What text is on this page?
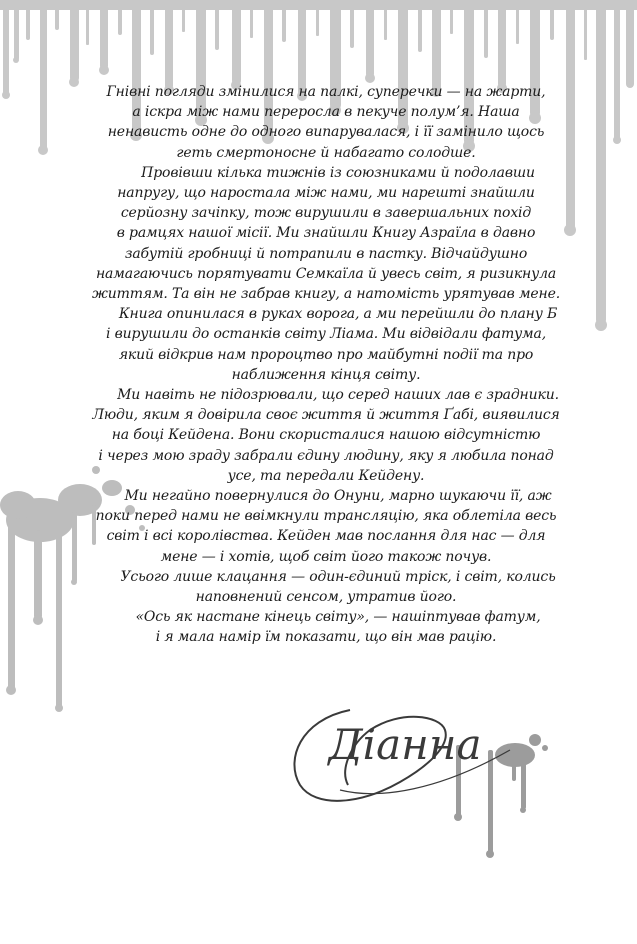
Гнівні погляди змінилися на палкі, суперечки — на жарти,
а іскра між нами переросла в пекуче полум’я. Наша
ненависть одне до одного випарувалася, і її замінило щось
геть смертоносне й набагато солодше.
Провівши кілька тижнів із союзниками й подолавши
напругу, що наростала між нами, ми нарешті знайшли
серйозну зачіпку, тож вирушили в завершальних похід
в рамцях нашої місії. Ми знайшли Книгу Азраїла в давно
забутій гробниці й потрапили в пастку. Відчайдушно
намагаючись порятувати Семкаїла й увесь світ, я ризикнула
життям. Та він не забрав книгу, а натомість урятував мене.
Книга опинилася в руках ворога, а ми перейшли до плану Б
і вирушили до останків світу Ліама. Ми відвідали фатума,
який відкрив нам пророцтво про майбутні події та про
наближення кінця світу.
Ми навіть не підозрювали, що серед наших лав є зрадники.
Люди, яким я довірила своє життя й життя Ґабі, виявилися
на боці Кейдена. Вони скористалися нашою відсутністю
і через мою зраду забрали єдину людину, яку я любила понад
усе, та передали Кейдену.
Ми негайно повернулися до Онуни, марно шукаючи її, аж
поки перед нами не ввімкнули трансляцію, яка облетіла весь
світ і всі королівства. Кейден мав послання для нас — для
мене — і хотів, щоб світ його також почув.
Усього лише клацання — один-єдиний тріск, і світ, колись
наповнений сенсом, утратив його.
«Ось як настане кінець світу», — нашіптував фатум,
і я мала намір їм показати, що він мав рацію.
Діанна
